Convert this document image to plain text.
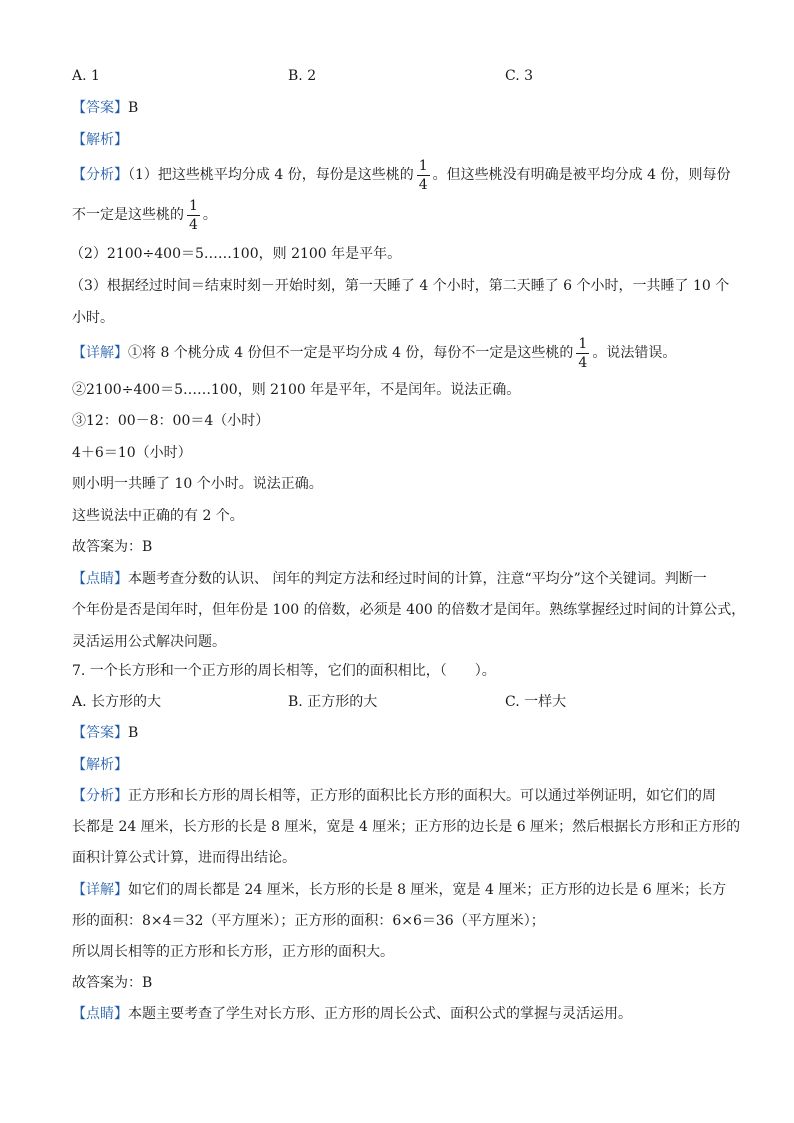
A. 1	B. 2	C. 3
【答案】B
【解析】
【分析】（1）把这些桃平均分成 4 份，每份是这些桃的 $\frac{1}{4}$ 。但这些桃没有明确是被平均分成 4 份，则每份
不一定是这些桃的 $\frac{1}{4}$ 。
（2）2100÷400＝5……100，则 2100 年是平年。
（3）根据经过时间＝结束时刻－开始时刻，第一天睡了 4 个小时，第二天睡了 6 个小时，一共睡了 10 个
小时。
【详解】①将 8 个桃分成 4 份但不一定是平均分成 4 份，每份不一定是这些桃的 $\frac{1}{4}$ 。说法错误。
②2100÷400＝5……100，则 2100 年是平年，不是闰年。说法正确。
③12：00－8：00＝4（小时）
4＋6＝10（小时）
则小明一共睡了 10 个小时。说法正确。
这些说法中正确的有 2 个。
故答案为：B
【点睛】本题考查分数的认识、 闰年的判定方法和经过时间的计算，注意“平均分”这个关键词。判断一
个年份是否是闰年时，但年份是 100 的倍数，必须是 400 的倍数才是闰年。熟练掌握经过时间的计算公式，
灵活运用公式解决问题。
7. 一个长方形和一个正方形的周长相等，它们的面积相比，（　　）。
A. 长方形的大	B. 正方形的大	C. 一样大
【答案】B
【解析】
【分析】正方形和长方形的周长相等，正方形的面积比长方形的面积大。可以通过举例证明，如它们的周
长都是 24 厘米，长方形的长是 8 厘米，宽是 4 厘米；正方形的边长是 6 厘米；然后根据长方形和正方形的
面积计算公式计算，进而得出结论。
【详解】如它们的周长都是 24 厘米，长方形的长是 8 厘米，宽是 4 厘米；正方形的边长是 6 厘米；长方
形的面积：8×4＝32（平方厘米）；正方形的面积：6×6＝36（平方厘米）；
所以周长相等的正方形和长方形，正方形的面积大。
故答案为：B
【点睛】本题主要考查了学生对长方形、正方形的周长公式、面积公式的掌握与灵活运用。
